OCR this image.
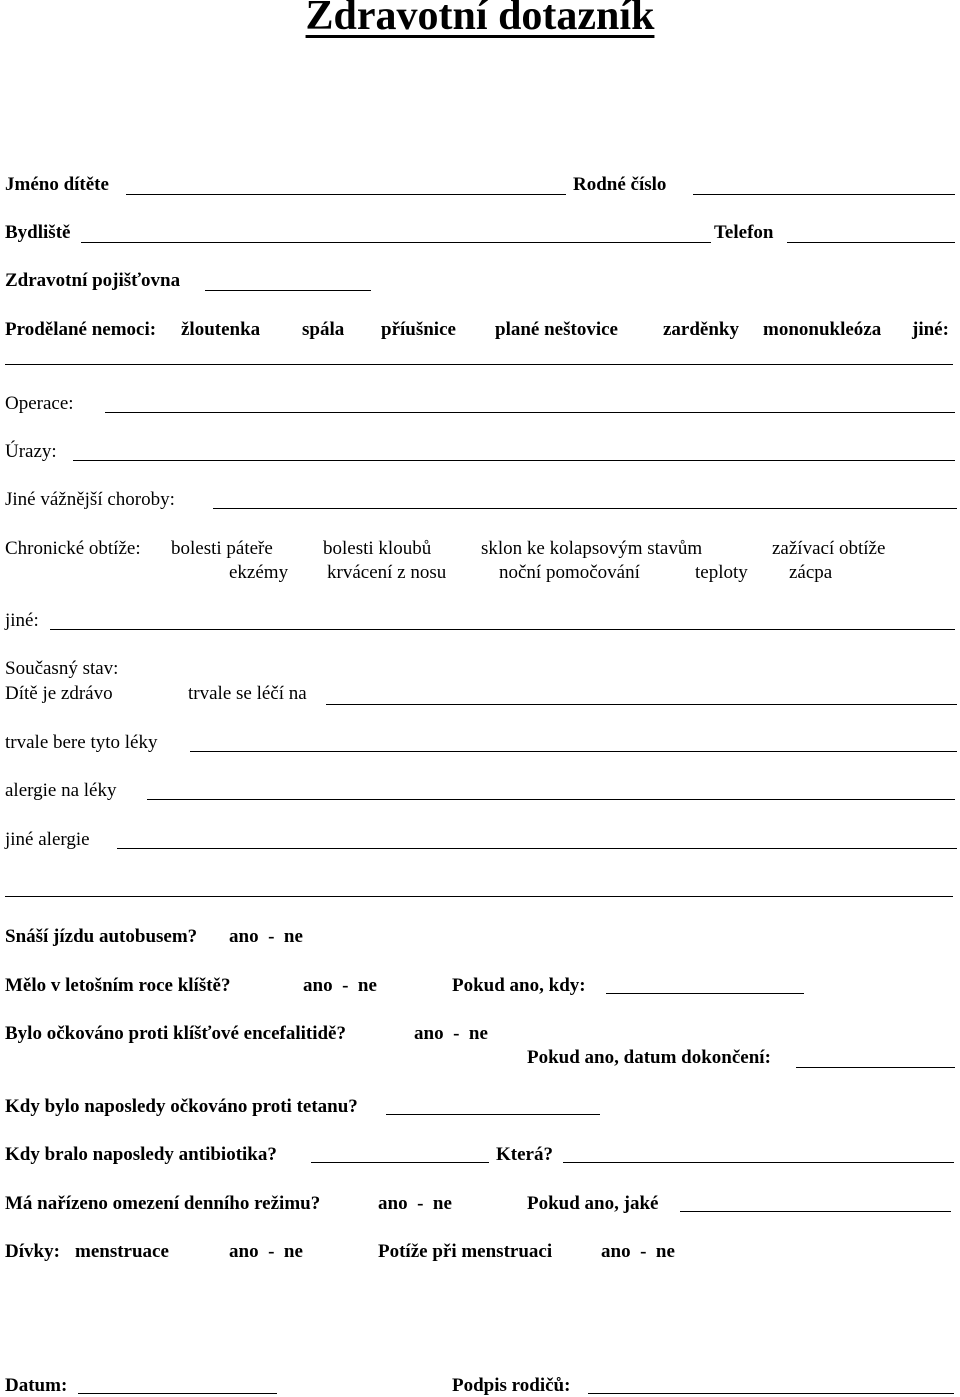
Zdravotní dotazník
Jméno dítěte	Rodné číslo
Bydliště	Telefon
Zdravotní pojišťovna
Prodělané nemoci: žloutenka spála příušnice plané neštovice zarděnky mononukleóza jiné:
Operace:
Úrazy:
Jiné vážnější choroby:
Chronické obtíže: bolesti páteře	bolesti kloubů	sklon ke kolapsovým stavům	zažívací obtíže
ekzémy krvácení z nosu	noční pomočování	teploty zácpa
jiné:
Současný stav:
Dítě je zdrávo	trvale se léčí na
trvale bere tyto léky
alergie na léky
jiné alergie
Snáší jízdu autobusem? ano  -  ne
Mělo v letošním roce klíště?	ano  -  ne	Pokud ano, kdy:
Bylo očkováno proti klíšťové encefalitidě?	ano  -  ne
Pokud ano, datum dokončení:
Kdy bylo naposledy očkováno proti tetanu?
Kdy bralo naposledy antibiotika?	Která?
Má nařízeno omezení denního režimu?	ano  -  ne	Pokud ano, jaké
Dívky: menstruace	ano  -  ne	Potíže při menstruaci	ano  -  ne
Datum:	Podpis rodičů:
